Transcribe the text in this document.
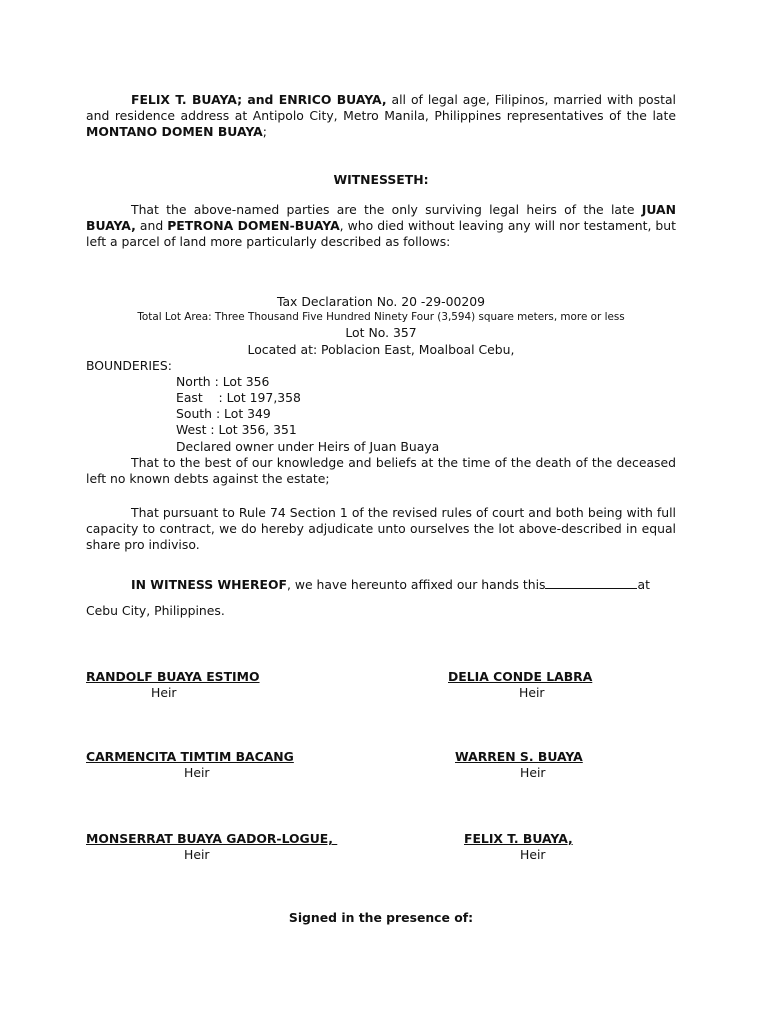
FELIX T. BUAYA; and ENRICO BUAYA, all of legal age, Filipinos, married with postal and residence address at Antipolo City, Metro Manila, Philippines representatives of the late MONTANO DOMEN BUAYA;

WITNESSETH:

That the above-named parties are the only surviving legal heirs of the late JUAN BUAYA, and PETRONA DOMEN-BUAYA, who died without leaving any will nor testament, but left a parcel of land more particularly described as follows:

Tax Declaration No. 20 -29-00209

Total Lot Area: Three Thousand Five Hundred Ninety Four (3,594) square meters, more or less

Lot No. 357

Located at: Poblacion East, Moalboal Cebu,

BOUNDERIES:

North : Lot 356

East    : Lot 197,358

South : Lot 349

West : Lot 356, 351

Declared owner under Heirs of Juan Buaya

That to the best of our knowledge and beliefs at the time of the death of the deceased left no known debts against the estate;

That pursuant to Rule 74 Section 1 of the revised rules of court and both being with full capacity to contract, we do hereby adjudicate unto ourselves the lot above-described in equal share pro indiviso.

IN WITNESS WHEREOF, we have hereunto affixed our hands this	at
Cebu City, Philippines.

RANDOLF BUAYA ESTIMO
Heir
DELIA CONDE LABRA
Heir
CARMENCITA TIMTIM BACANG
Heir
WARREN S. BUAYA
Heir
MONSERRAT BUAYA GADOR-LOGUE,
Heir
FELIX T. BUAYA,
Heir

Signed in the presence of:
